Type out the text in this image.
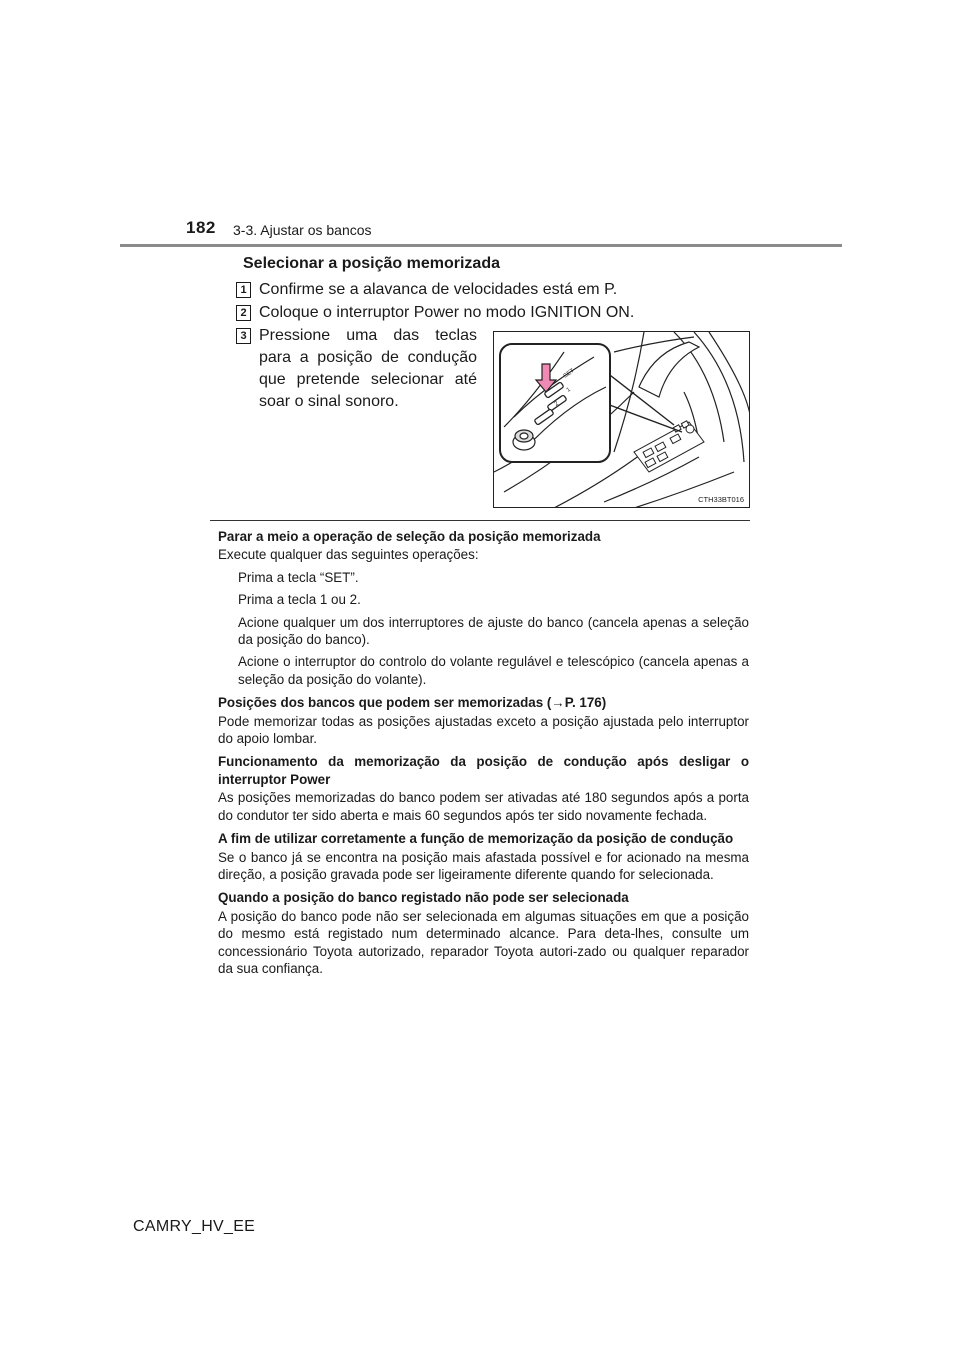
182 3-3. Ajustar os bancos
Selecionar a posição memorizada
1 Confirme se a alavanca de velocidades está em P.
2 Coloque o interruptor Power no modo IGNITION ON.
3 Pressione uma das teclas para a posição de condução que pretende selecionar até soar o sinal sonoro.
SET
1
2
CTH33BT016
Parar a meio a operação de seleção da posição memorizada
Execute qualquer das seguintes operações:
Prima a tecla “SET”.
Prima a tecla 1 ou 2.
Acione qualquer um dos interruptores de ajuste do banco (cancela apenas a seleção da posição do banco).
Acione o interruptor do controlo do volante regulável e telescópico (cancela apenas a seleção da posição do volante).
Posições dos bancos que podem ser memorizadas (→P. 176)
Pode memorizar todas as posições ajustadas exceto a posição ajustada pelo interruptor do apoio lombar.
Funcionamento da memorização da posição de condução após desligar o interruptor Power
As posições memorizadas do banco podem ser ativadas até 180 segundos após a porta do condutor ter sido aberta e mais 60 segundos após ter sido novamente fechada.
A fim de utilizar corretamente a função de memorização da posição de condução
Se o banco já se encontra na posição mais afastada possível e for acionado na mesma direção, a posição gravada pode ser ligeiramente diferente quando for selecionada.
Quando a posição do banco registado não pode ser selecionada
A posição do banco pode não ser selecionada em algumas situações em que a posição do mesmo está registado num determinado alcance. Para deta-lhes, consulte um concessionário Toyota autorizado, reparador Toyota autori-zado ou qualquer reparador da sua confiança.
CAMRY_HV_EE
